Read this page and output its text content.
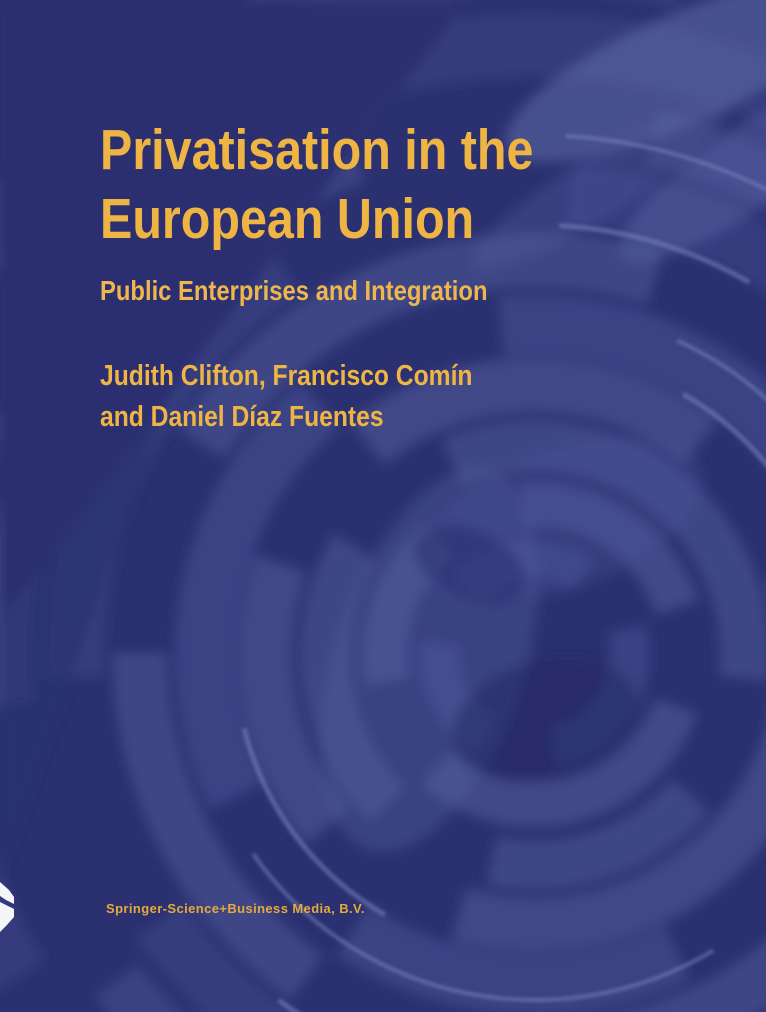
Privatisation in the
European Union
Public Enterprises and Integration
Judith Clifton, Francisco Comín
and Daniel Díaz Fuentes
Springer-Science+Business Media, B.V.
